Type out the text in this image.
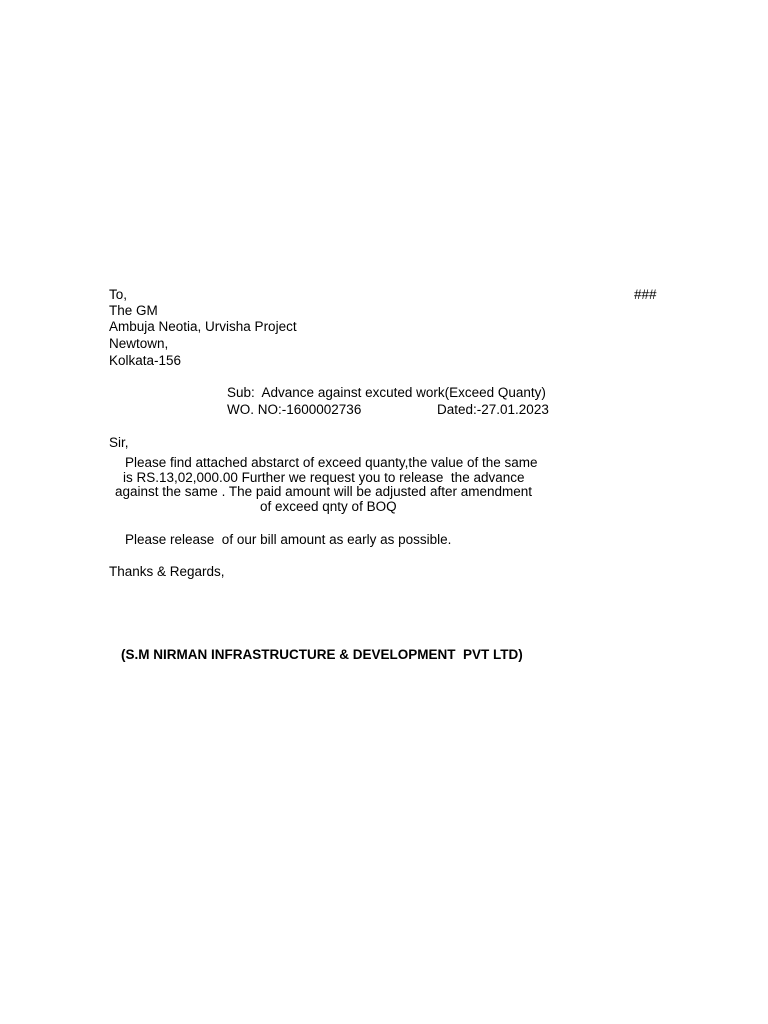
To,	###
The GM
Ambuja Neotia, Urvisha Project
Newtown,
Kolkata-156
Sub:  Advance against excuted work(Exceed Quanty)
WO. NO:-1600002736	Dated:-27.01.2023
Sir,
Please find attached abstarct of exceed quanty,the value of the same
is RS.13,02,000.00 Further we request you to release  the advance
against the same . The paid amount will be adjusted after amendment
of exceed qnty of BOQ
Please release  of our bill amount as early as possible.
Thanks & Regards,
(S.M NIRMAN INFRASTRUCTURE & DEVELOPMENT  PVT LTD)
